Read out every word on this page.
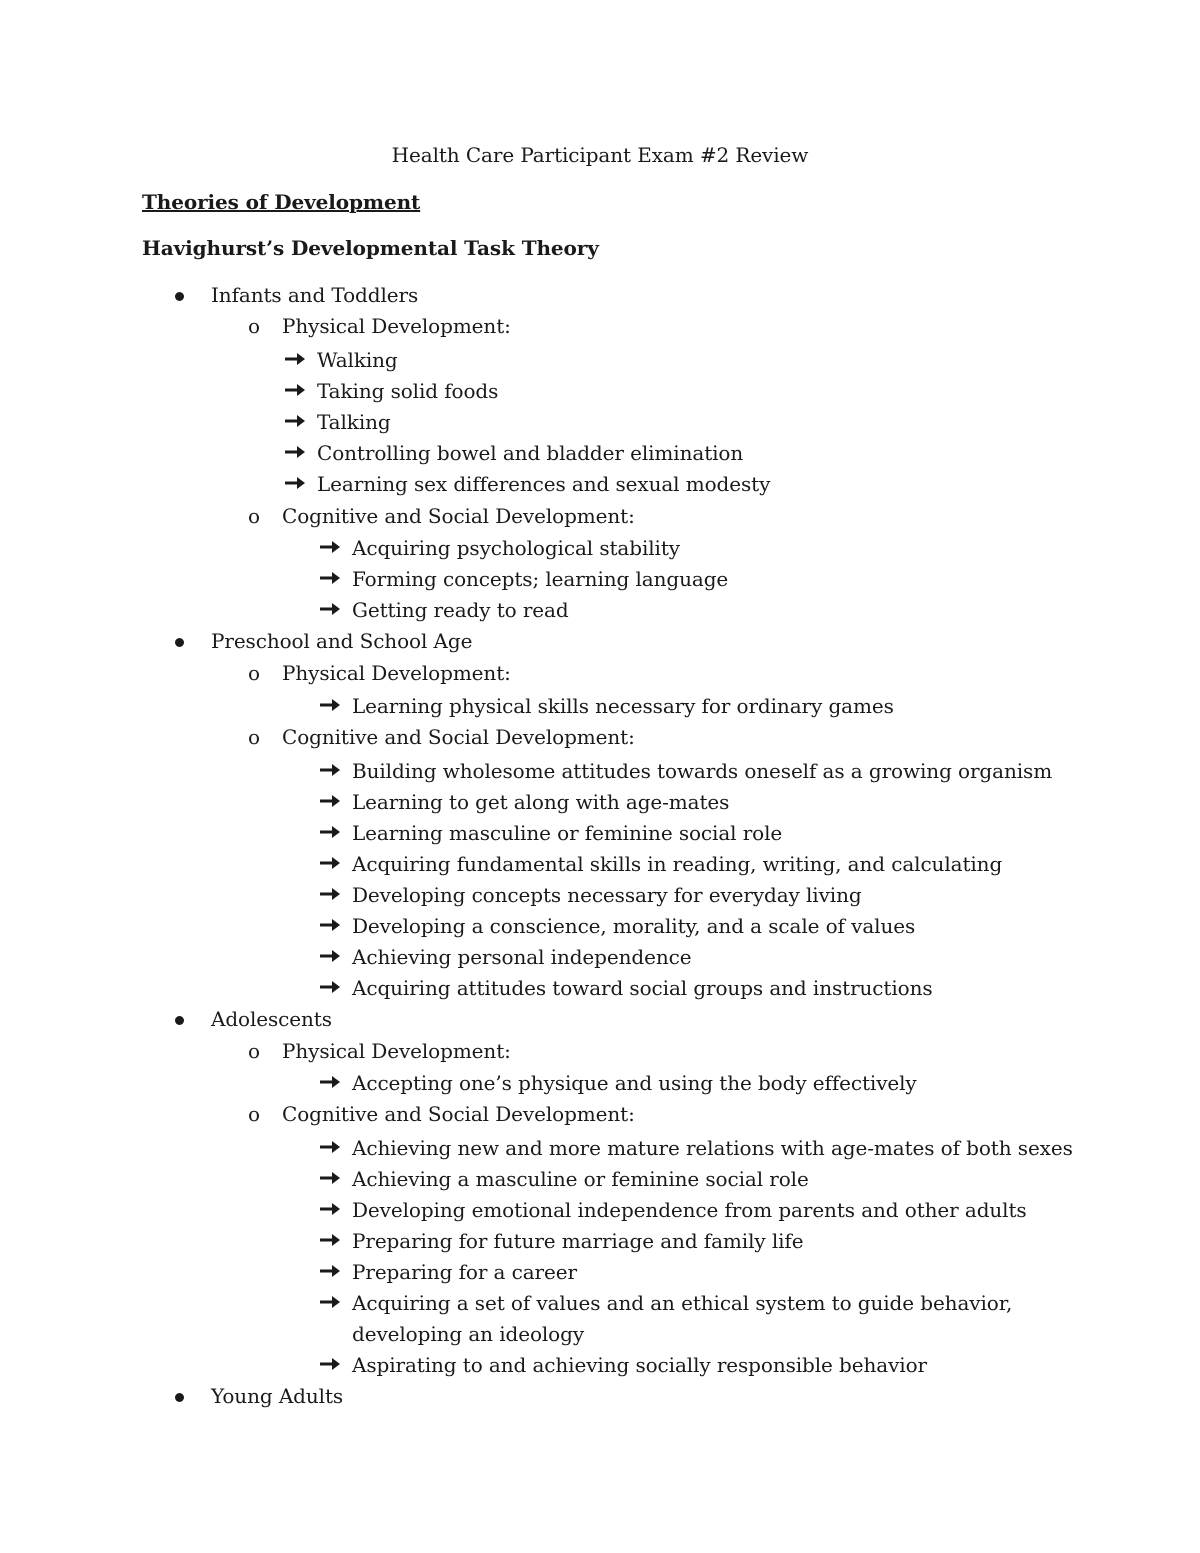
Health Care Participant Exam #2 Review
Theories of Development
Havighurst’s Developmental Task Theory
Infants and Toddlers
o Physical Development:
Walking
Taking solid foods
Talking
Controlling bowel and bladder elimination
Learning sex differences and sexual modesty
o Cognitive and Social Development:
Acquiring psychological stability
Forming concepts; learning language
Getting ready to read
Preschool and School Age
o Physical Development:
Learning physical skills necessary for ordinary games
o Cognitive and Social Development:
Building wholesome attitudes towards oneself as a growing organism
Learning to get along with age-mates
Learning masculine or feminine social role
Acquiring fundamental skills in reading, writing, and calculating
Developing concepts necessary for everyday living
Developing a conscience, morality, and a scale of values
Achieving personal independence
Acquiring attitudes toward social groups and instructions
Adolescents
o Physical Development:
Accepting one’s physique and using the body effectively
o Cognitive and Social Development:
Achieving new and more mature relations with age-mates of both sexes
Achieving a masculine or feminine social role
Developing emotional independence from parents and other adults
Preparing for future marriage and family life
Preparing for a career
Acquiring a set of values and an ethical system to guide behavior,
developing an ideology
Aspirating to and achieving socially responsible behavior
Young Adults
